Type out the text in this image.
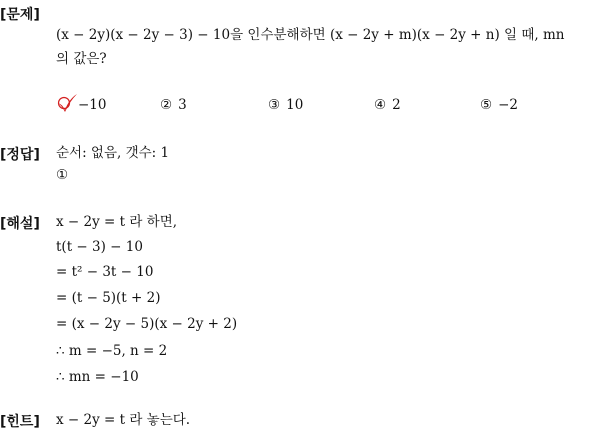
[문제]
(x − 2y)(x − 2y − 3) − 10을 인수분해하면 (x − 2y + m)(x − 2y + n) 일 때, mn
의 값은?
−10	② 3	③ 10	④ 2	⑤ −2
[정답] 순서: 없음, 갯수: 1
①
[해설] x − 2y = t 라 하면,
t(t − 3) − 10
= t² − 3t − 10
= (t − 5)(t + 2)
= (x − 2y − 5)(x − 2y + 2)
∴ m = −5, n = 2
∴ mn = −10
[힌트] x − 2y = t 라 놓는다.
